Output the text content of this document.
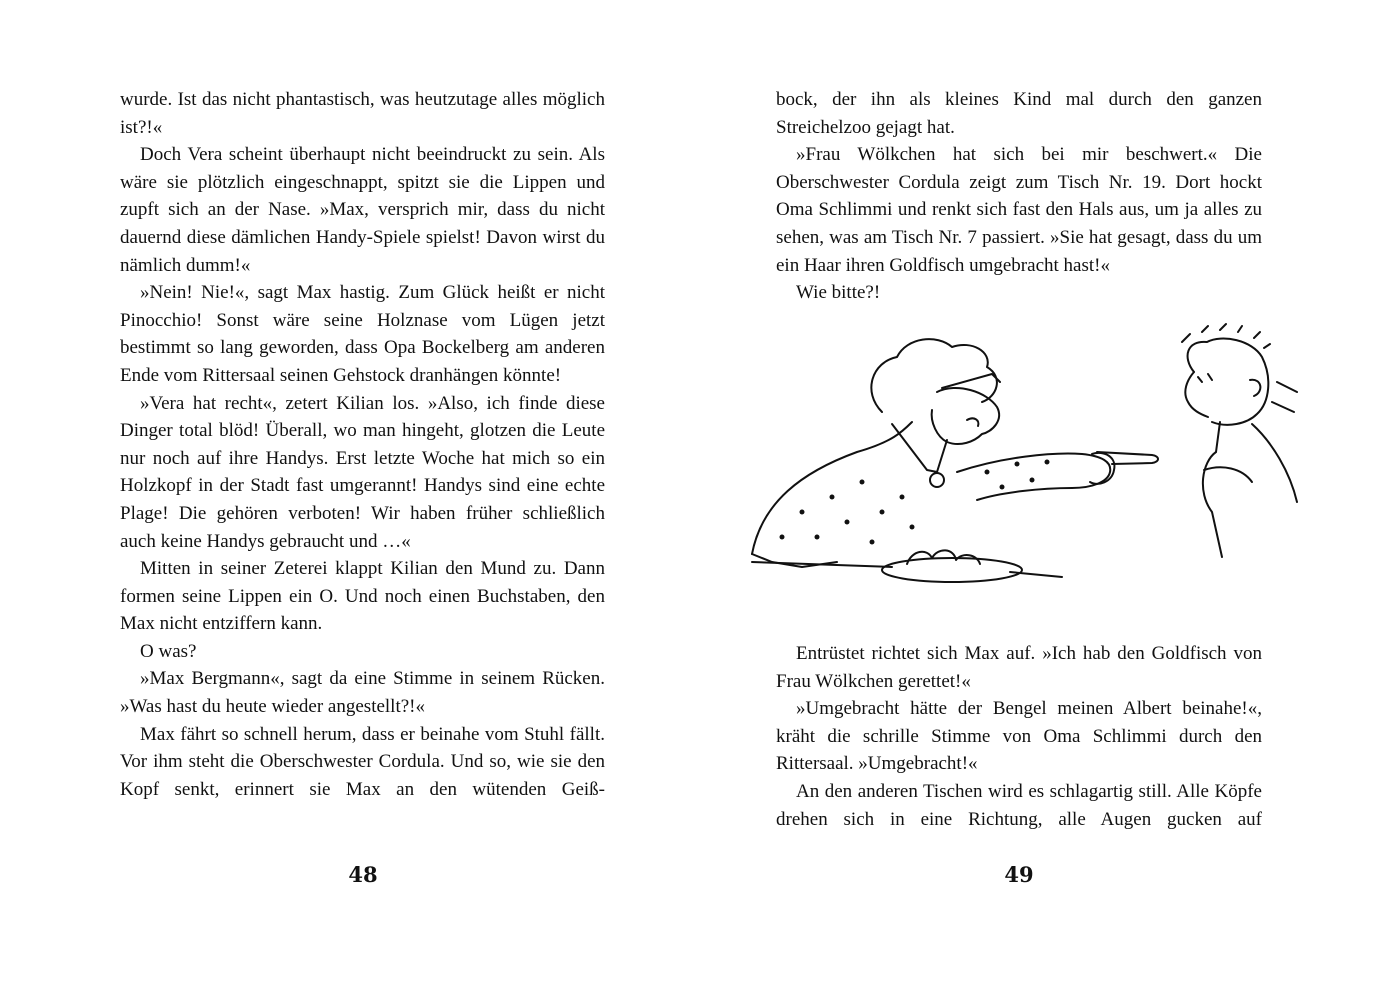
wurde. Ist das nicht phantastisch, was heutzutage alles möglich ist?!«

Doch Vera scheint überhaupt nicht beeindruckt zu sein. Als wäre sie plötzlich eingeschnappt, spitzt sie die Lippen und zupft sich an der Nase. »Max, versprich mir, dass du nicht dauernd diese dämlichen Handy-Spiele spielst! Davon wirst du nämlich dumm!«

»Nein! Nie!«, sagt Max hastig. Zum Glück heißt er nicht Pinocchio! Sonst wäre seine Holznase vom Lügen jetzt bestimmt so lang geworden, dass Opa Bockelberg am anderen Ende vom Rittersaal seinen Gehstock dranhängen könnte!

»Vera hat recht«, zetert Kilian los. »Also, ich finde diese Dinger total blöd! Überall, wo man hingeht, glotzen die Leute nur noch auf ihre Handys. Erst letzte Woche hat mich so ein Holzkopf in der Stadt fast umgerannt! Handys sind eine echte Plage! Die gehören verboten! Wir haben früher schließlich auch keine Handys gebraucht und …«

Mitten in seiner Zeterei klappt Kilian den Mund zu. Dann formen seine Lippen ein O. Und noch einen Buchstaben, den Max nicht entziffern kann.

O was?

»Max Bergmann«, sagt da eine Stimme in seinem Rücken. »Was hast du heute wieder angestellt?!«

Max fährt so schnell herum, dass er beinahe vom Stuhl fällt. Vor ihm steht die Oberschwester Cordula. Und so, wie sie den Kopf senkt, erinnert sie Max an den wütenden Geiß-

48

bock, der ihn als kleines Kind mal durch den ganzen Streichelzoo gejagt hat.

»Frau Wölkchen hat sich bei mir beschwert.« Die Oberschwester Cordula zeigt zum Tisch Nr. 19. Dort hockt Oma Schlimmi und renkt sich fast den Hals aus, um ja alles zu sehen, was am Tisch Nr. 7 passiert. »Sie hat gesagt, dass du um ein Haar ihren Goldfisch umgebracht hast!«

Wie bitte?!

Entrüstet richtet sich Max auf. »Ich hab den Goldfisch von Frau Wölkchen gerettet!«

»Umgebracht hätte der Bengel meinen Albert beinahe!«, kräht die schrille Stimme von Oma Schlimmi durch den Rittersaal. »Umgebracht!«

An den anderen Tischen wird es schlagartig still. Alle Köpfe drehen sich in eine Richtung, alle Augen gucken auf

49
